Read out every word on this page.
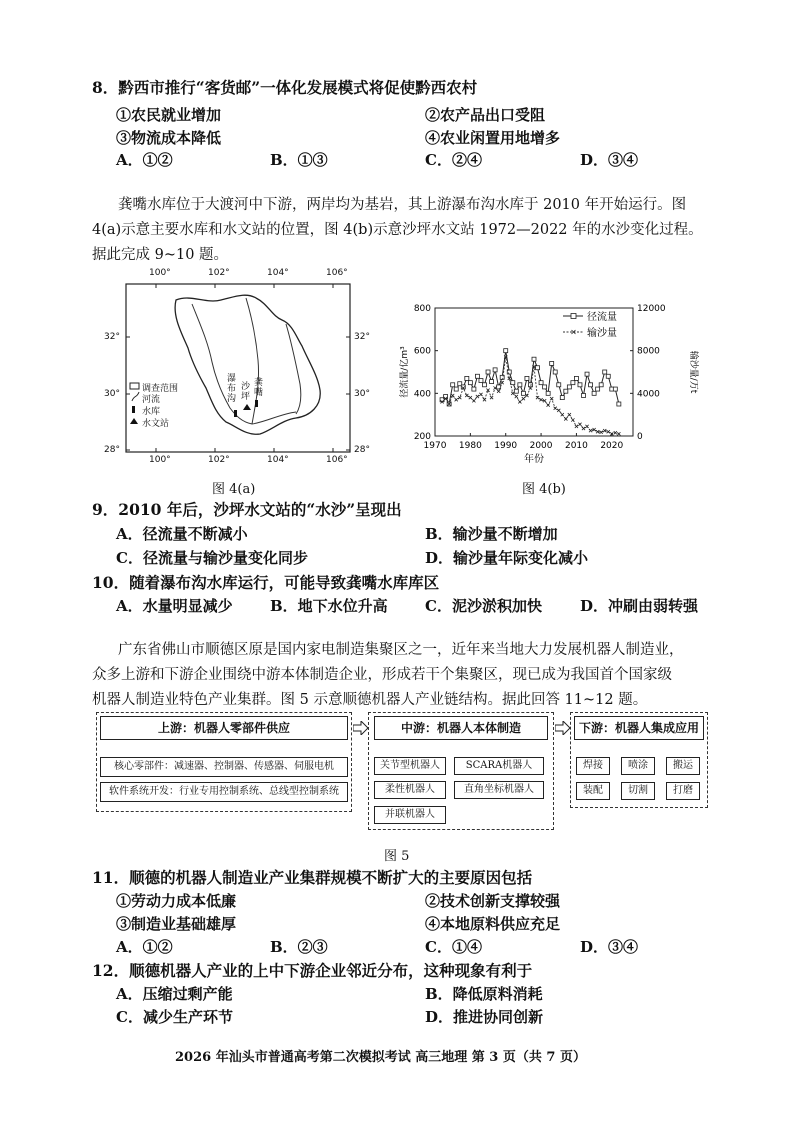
8．黔西市推行“客货邮”一体化发展模式将促使黔西农村
①农民就业增加	②农产品出口受阻
③物流成本降低	④农业闲置用地增多
A．①②	B．①③	C．②④	D．③④
龚嘴水库位于大渡河中下游，两岸均为基岩，其上游瀑布沟水库于 2010 年开始运行。图
4(a)示意主要水库和水文站的位置，图 4(b)示意沙坪水文站 1972—2022 年的水沙变化过程。
据此完成 9~10 题。
100°	102°	104°	106°
100°	102°	104°	106°
32°
30°
28°
32°
30°
28°
调查范围
河流
水库
水文站
瀑布沟
沙坪
龚嘴
图 4(a)
1970 1980 1990 2000 2010 2020
200
400
600
800
0
4000
8000
12000
年份
径流量/亿m³	输沙量/万t
径流量
输沙量
图 4(b)
9．2010 年后，沙坪水文站的“水沙”呈现出
A．径流量不断减小	B．输沙量不断增加
C．径流量与输沙量变化同步	D．输沙量年际变化减小
10．随着瀑布沟水库运行，可能导致龚嘴水库库区
A．水量明显减少 B．地下水位升高 C．泥沙淤积加快	D．冲刷由弱转强
广东省佛山市顺德区原是国内家电制造集聚区之一，近年来当地大力发展机器人制造业，
众多上游和下游企业围绕中游本体制造企业，形成若干个集聚区，现已成为我国首个国家级
机器人制造业特色产业集群。图 5 示意顺德机器人产业链结构。据此回答 11~12 题。
上游：机器人零部件供应
核心零部件：减速器、控制器、传感器、伺服电机
软件系统开发：行业专用控制系统、总线型控制系统
中游：机器人本体制造
关节型机器人	SCARA机器人
柔性机器人	直角坐标机器人
并联机器人
下游：机器人集成应用
焊接	喷涂	搬运
装配	切割	打磨
图 5
11．顺德的机器人制造业产业集群规模不断扩大的主要原因包括
①劳动力成本低廉	②技术创新支撑较强
③制造业基础雄厚	④本地原料供应充足
A．①②	B．②③	C．①④	D．③④
12．顺德机器人产业的上中下游企业邻近分布，这种现象有利于
A．压缩过剩产能	B．降低原料消耗
C．减少生产环节	D．推进协同创新
2026 年汕头市普通高考第二次模拟考试 高三地理 第 3 页（共 7 页）
